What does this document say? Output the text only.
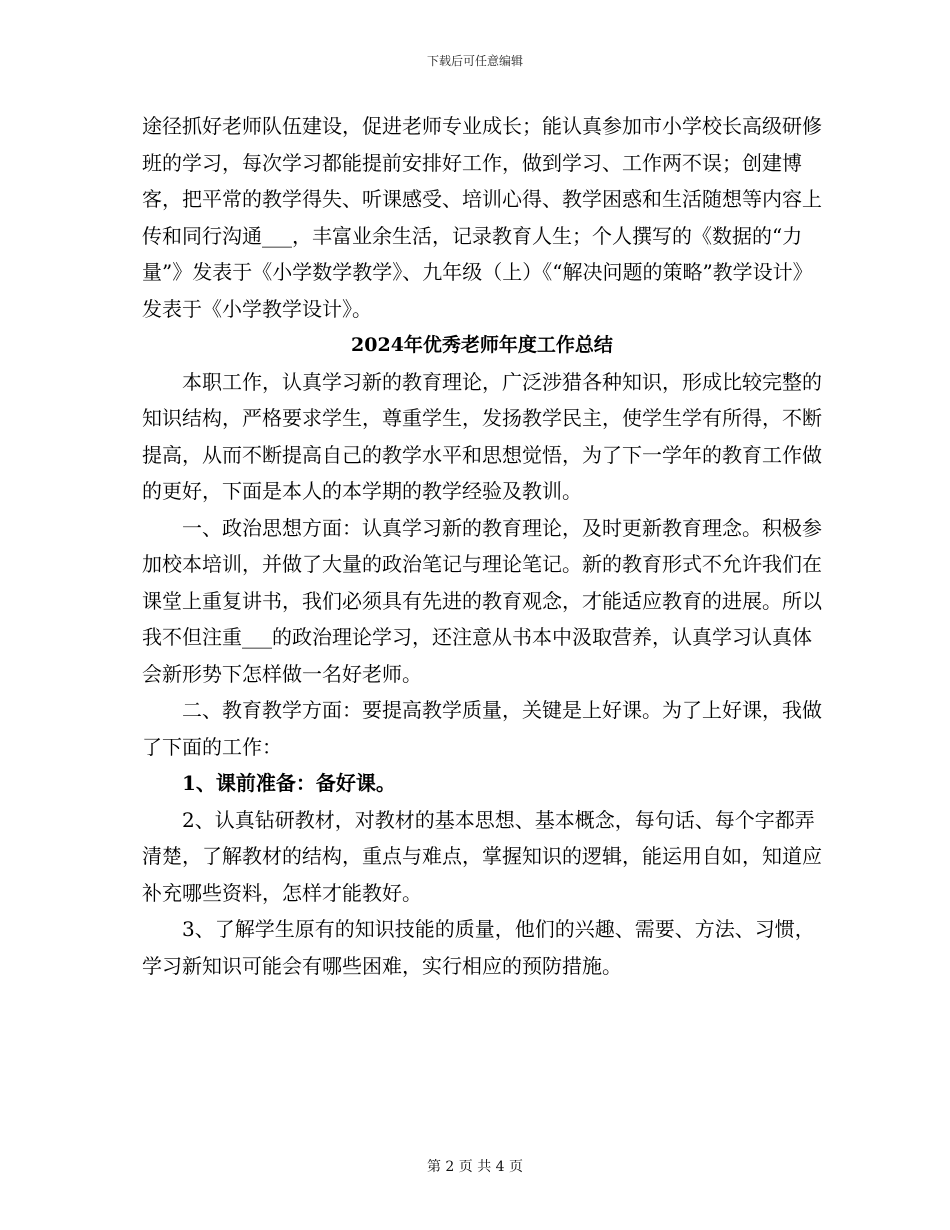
下载后可任意编辑

途径抓好老师队伍建设，促进老师专业成长；能认真参加市小学校长高级研修班的学习，每次学习都能提前安排好工作，做到学习、工作两不误；创建博客，把平常的教学得失、听课感受、培训心得、教学困惑和生活随想等内容上传和同行沟通___，丰富业余生活，记录教育人生；个人撰写的《数据的“力量”》发表于《小学数学教学》、九年级（上）《“解决问题的策略”教学设计》发表于《小学教学设计》。

2024年优秀老师年度工作总结

本职工作，认真学习新的教育理论，广泛涉猎各种知识，形成比较完整的知识结构，严格要求学生，尊重学生，发扬教学民主，使学生学有所得，不断提高，从而不断提高自己的教学水平和思想觉悟，为了下一学年的教育工作做的更好，下面是本人的本学期的教学经验及教训。

一、政治思想方面：认真学习新的教育理论，及时更新教育理念。积极参加校本培训，并做了大量的政治笔记与理论笔记。新的教育形式不允许我们在课堂上重复讲书，我们必须具有先进的教育观念，才能适应教育的进展。所以我不但注重___的政治理论学习，还注意从书本中汲取营养，认真学习认真体会新形势下怎样做一名好老师。

二、教育教学方面：要提高教学质量，关键是上好课。为了上好课，我做了下面的工作：

1、课前准备：备好课。

2、认真钻研教材，对教材的基本思想、基本概念，每句话、每个字都弄清楚，了解教材的结构，重点与难点，掌握知识的逻辑，能运用自如，知道应补充哪些资料，怎样才能教好。

3、了解学生原有的知识技能的质量，他们的兴趣、需要、方法、习惯，学习新知识可能会有哪些困难，实行相应的预防措施。

第 2 页 共 4 页
